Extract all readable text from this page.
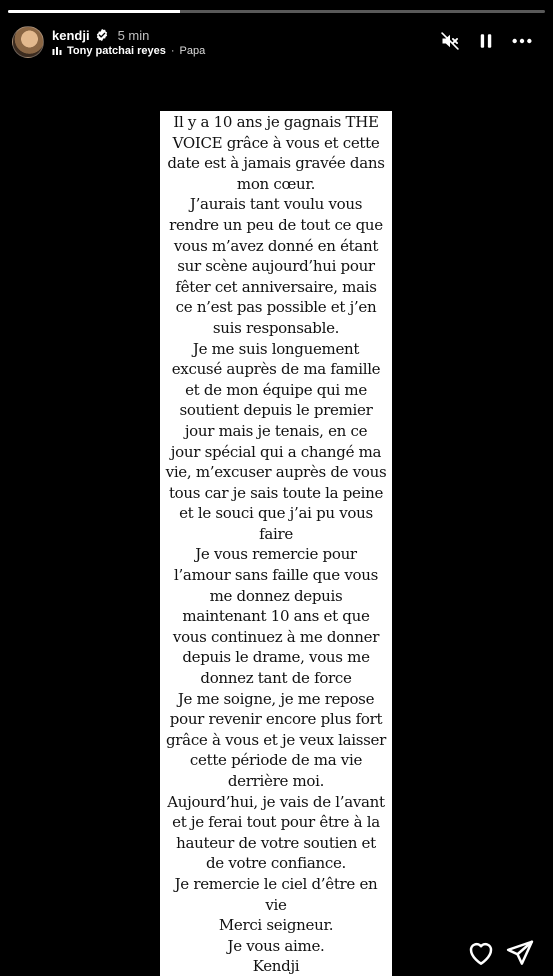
kendji 5 min
Tony patchai reyes · Papa
Il y a 10 ans je gagnais THE
VOICE grâce à vous et cette
date est à jamais gravée dans
mon cœur.
J’aurais tant voulu vous
rendre un peu de tout ce que
vous m’avez donné en étant
sur scène aujourd’hui pour
fêter cet anniversaire, mais
ce n’est pas possible et j’en
suis responsable.
Je me suis longuement
excusé auprès de ma famille
et de mon équipe qui me
soutient depuis le premier
jour mais je tenais, en ce
jour spécial qui a changé ma
vie, m’excuser auprès de vous
tous car je sais toute la peine
et le souci que j’ai pu vous
faire
Je vous remercie pour
l’amour sans faille que vous
me donnez depuis
maintenant 10 ans et que
vous continuez à me donner
depuis le drame, vous me
donnez tant de force
Je me soigne, je me repose
pour revenir encore plus fort
grâce à vous et je veux laisser
cette période de ma vie
derrière moi.
Aujourd’hui, je vais de l’avant
et je ferai tout pour être à la
hauteur de votre soutien et
de votre confiance.
Je remercie le ciel d’être en
vie
Merci seigneur.
Je vous aime.
Kendji
